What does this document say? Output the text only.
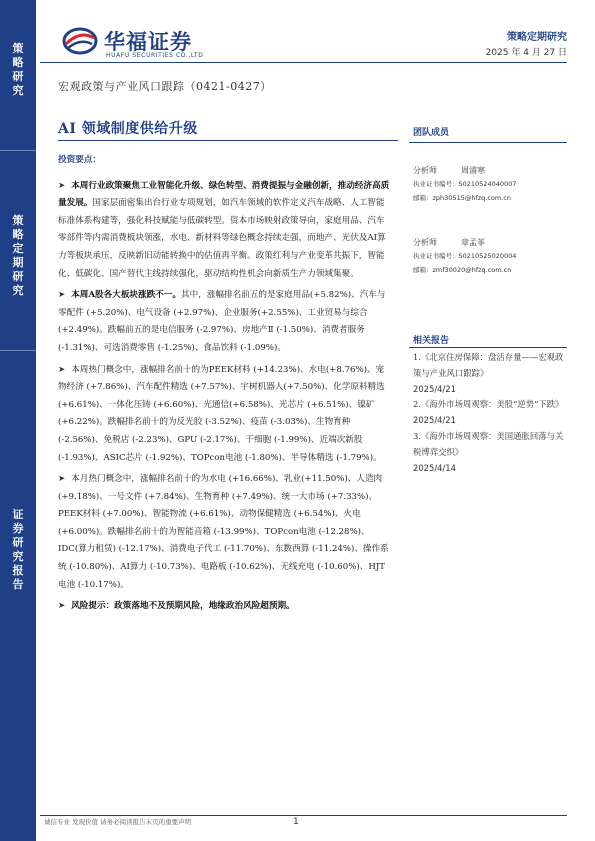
策略研究
策略定期研究
证券研究报告
华福证券
HUAFU SECURITIES CO.,LTD
策略定期研究
2025 年 4 月 27 日
宏观政策与产业风口跟踪（0421-0427）
AI 领域制度供给升级

投资要点：

➤ 本周行业政策聚焦工业智能化升级、绿色转型、消费提振与金融创新，推动经济高质量发展。国家层面密集出台行业专项规划，如汽车领域的软件定义汽车战略、人工智能标准体系构建等，强化科技赋能与低碳转型。资本市场映射政策导向，家庭用品、汽车零部件等内需消费板块领涨，水电、新材料等绿色概念持续走强，而地产、光伏及AI算力等板块承压，反映新旧动能转换中的估值再平衡。政策红利与产业变革共振下，智能化、低碳化、国产替代主线持续强化，驱动结构性机会向新质生产力领域集聚。

➤ 本周A股各大板块涨跌不一。其中，涨幅排名前五的是家庭用品(+5.82%)、汽车与零配件 (+5.20%)、电气设备 (+2.97%)、企业服务(+2.55%)、工业贸易与综合 (+2.49%)。跌幅前五的是电信服务 (-2.97%)、房地产Ⅱ (-1.50%)、消费者服务 (-1.31%)、可选消费零售 (-1.25%)、食品饮料 (-1.09%)。

➤ 本周热门概念中，涨幅排名前十的为PEEK材料 (+14.23%)、水电(+8.76%)、宠物经济 (+7.86%)、汽车配件精选 (+7.57%)、宇树机器人(+7.50%)、化学原料精选 (+6.61%)、一体化压铸 (+6.60%)、光通信(+6.58%)、光芯片 (+6.51%)、镍矿 (+6.22%)。跌幅排名前十的为反光胶 (-3.52%)、疫苗 (-3.03%)、生物育种 (-2.56%)、免税店 (-2.23%)、GPU (-2.17%)、干细胞 (-1.99%)、近端次新股 (-1.93%)、ASIC芯片 (-1.92%)、TOPcon电池 (-1.80%)、半导体精选 (-1.79%)。

➤ 本月热门概念中，涨幅排名前十的为水电 (+16.66%)、乳业(+11.50%)、人造肉 (+9.18%)、一号文件 (+7.84%)、生物育种 (+7.49%)、统一大市场 (+7.33%)、PEEK材料 (+7.00%)、智能物流 (+6.61%)、动物保健精选 (+6.54%)、火电 (+6.00%)。跌幅排名前十的为智能音箱 (-13.99%)、TOPcon电池 (-12.28%)、IDC(算力租赁) (-12.17%)、消费电子代工 (-11.70%)、东数西算 (-11.24%)、操作系统 (-10.80%)、AI算力 (-10.73%)、电路板 (-10.62%)、无线充电 (-10.60%)、HJT电池 (-10.17%)。

➤ 风险提示：政策落地不及预期风险，地缘政治风险超预期。

团队成员
分析师	周浦寒
执业证书编号：S0210524040007
邮箱：zph30515@hfzq.com.cn
分析师	章孟菲
执业证书编号：S0210525020004
邮箱：zmf30020@hfzq.com.cn
相关报告
1.《北京住房保障：盘活存量——宏观政策与产业风口跟踪》
2025/4/21
2.《海外市场周观察：美股“逆势”下跌》
2025/4/21
3.《海外市场周观察：美国通胀回落与关税博弈交织》
2025/4/14
诚信专业 发现价值 请务必阅读报告末页的重要声明	1
